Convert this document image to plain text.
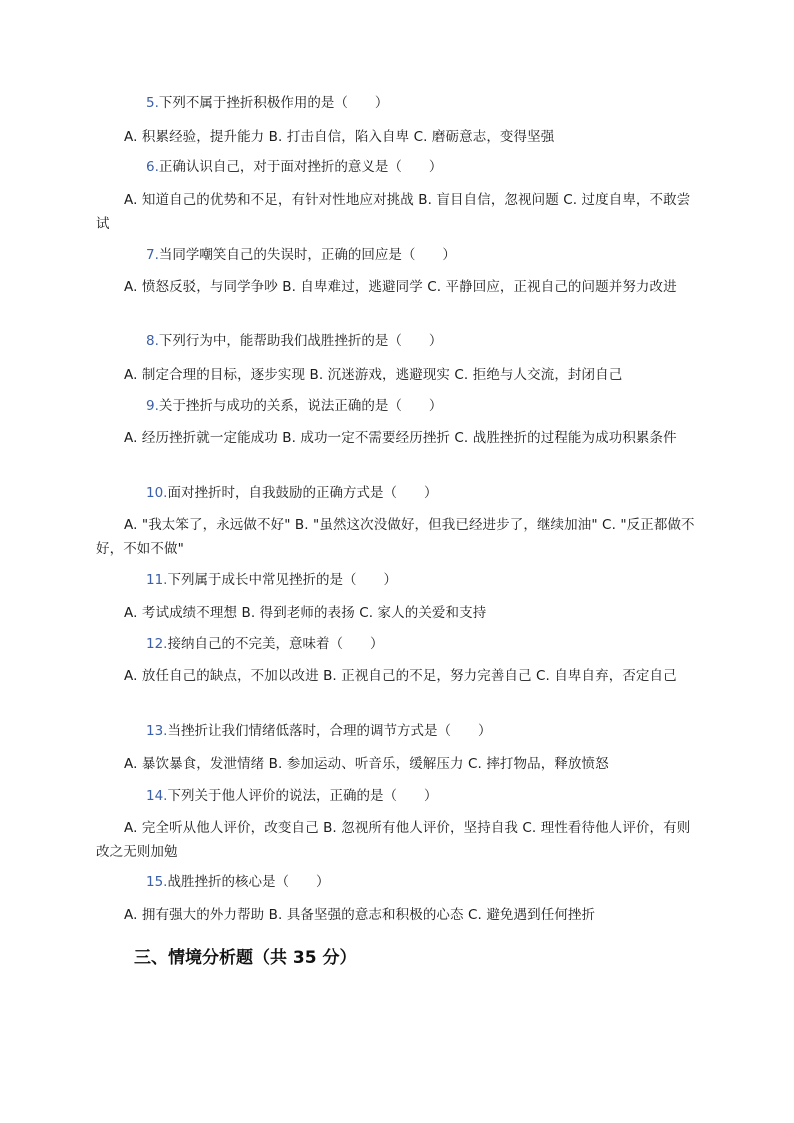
5.下列不属于挫折积极作用的是（　　）
A. 积累经验，提升能力 B. 打击自信，陷入自卑 C. 磨砺意志，变得坚强
6.正确认识自己，对于面对挫折的意义是（　　）
A. 知道自己的优势和不足，有针对性地应对挑战 B. 盲目自信，忽视问题 C. 过度自卑，不敢尝试
7.当同学嘲笑自己的失误时，正确的回应是（　　）
A. 愤怒反驳，与同学争吵 B. 自卑难过，逃避同学 C. 平静回应，正视自己的问题并努力改进
8.下列行为中，能帮助我们战胜挫折的是（　　）
A. 制定合理的目标，逐步实现 B. 沉迷游戏，逃避现实 C. 拒绝与人交流，封闭自己
9.关于挫折与成功的关系，说法正确的是（　　）
A. 经历挫折就一定能成功 B. 成功一定不需要经历挫折 C. 战胜挫折的过程能为成功积累条件
10.面对挫折时，自我鼓励的正确方式是（　　）
A. "我太笨了，永远做不好" B. "虽然这次没做好，但我已经进步了，继续加油" C. "反正都做不好，不如不做"
11.下列属于成长中常见挫折的是（　　）
A. 考试成绩不理想 B. 得到老师的表扬 C. 家人的关爱和支持
12.接纳自己的不完美，意味着（　　）
A. 放任自己的缺点，不加以改进 B. 正视自己的不足，努力完善自己 C. 自卑自弃，否定自己
13.当挫折让我们情绪低落时，合理的调节方式是（　　）
A. 暴饮暴食，发泄情绪 B. 参加运动、听音乐，缓解压力 C. 摔打物品，释放愤怒
14.下列关于他人评价的说法，正确的是（　　）
A. 完全听从他人评价，改变自己 B. 忽视所有他人评价，坚持自我 C. 理性看待他人评价，有则改之无则加勉
15.战胜挫折的核心是（　　）
A. 拥有强大的外力帮助 B. 具备坚强的意志和积极的心态 C. 避免遇到任何挫折
三、情境分析题（共 35 分）
